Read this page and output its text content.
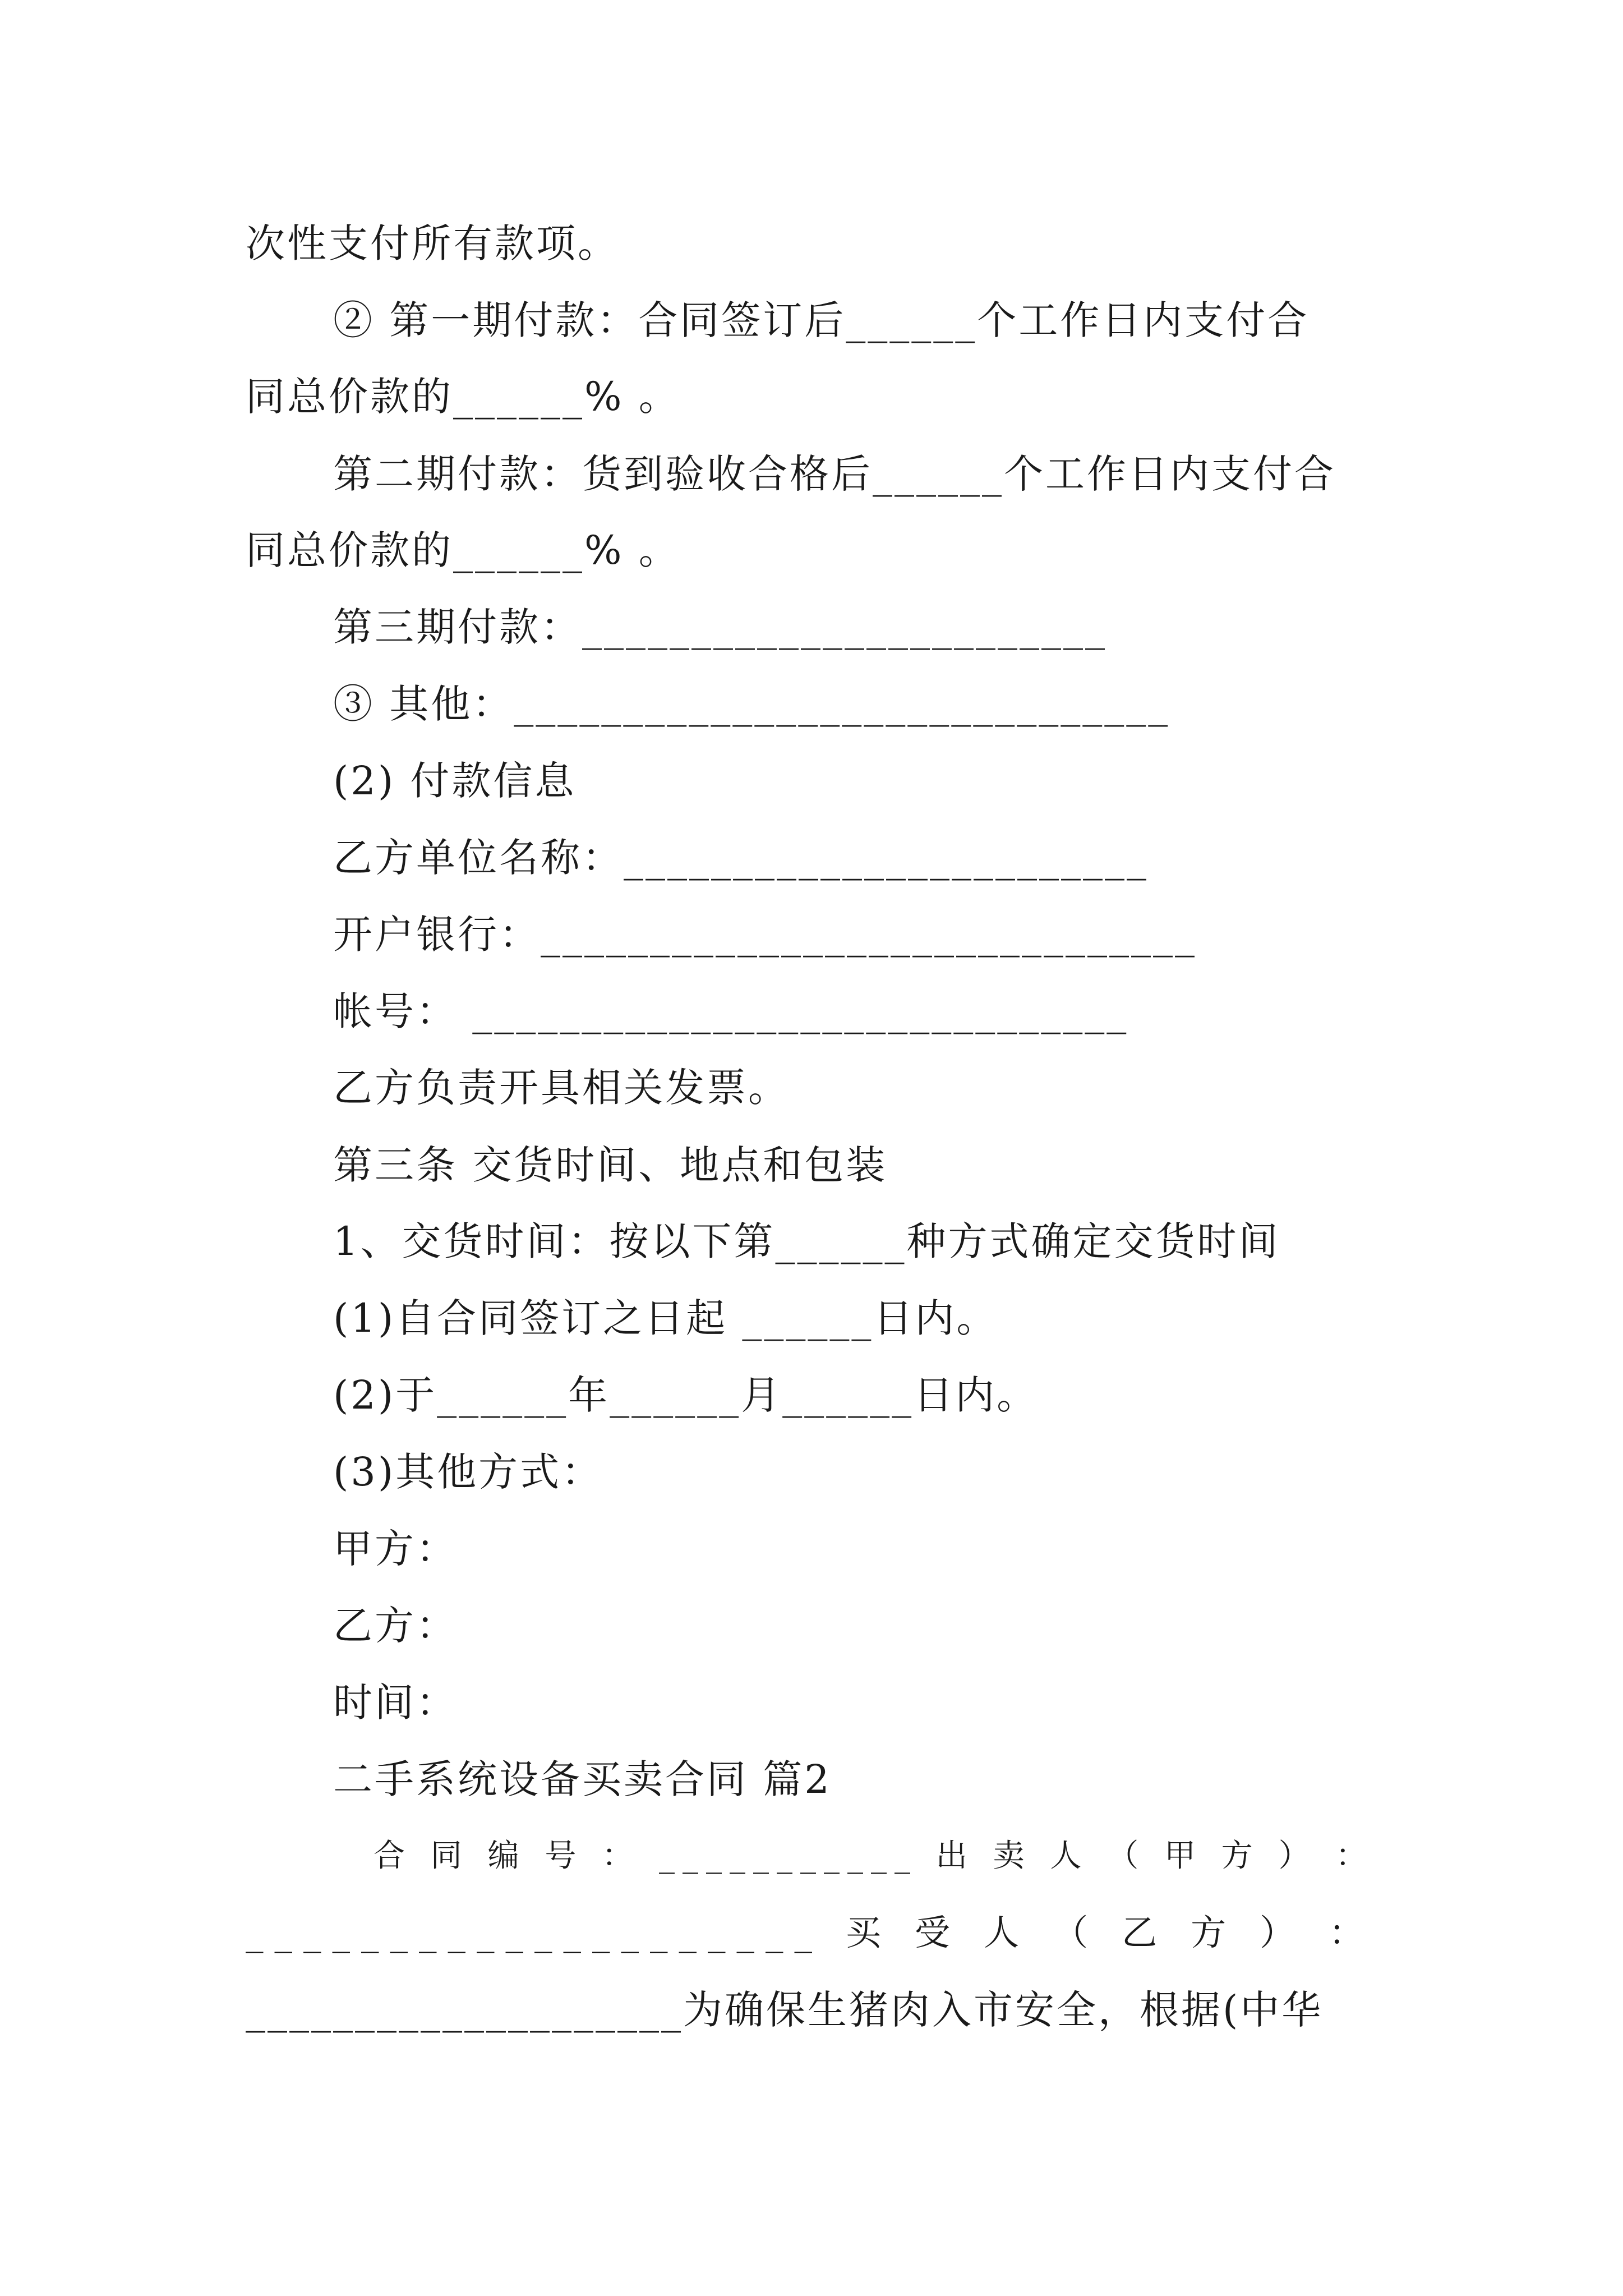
次性支付所有款项。
② 第一期付款：合同签订后______个工作日内支付合
同总价款的______% 。
第二期付款：货到验收合格后______个工作日内支付合
同总价款的______% 。
第三期付款：________________________
③ 其他：______________________________
(2) 付款信息
乙方单位名称：________________________
开户银行：______________________________
帐号： ______________________________
乙方负责开具相关发票。
第三条 交货时间、地点和包装
1、交货时间：按以下第______种方式确定交货时间
(1)自合同签订之日起 ______日内。
(2)于______年______月______日内。
(3)其他方式：
甲方：
乙方：
时间：
二手系统设备买卖合同 篇2
合 同 编 号 ： ___________ 出 卖 人 （ 甲 方 ） ：
____________________ 买 受 人 （ 乙 方 ） ：
____________________为确保生猪肉入市安全，根据(中华
